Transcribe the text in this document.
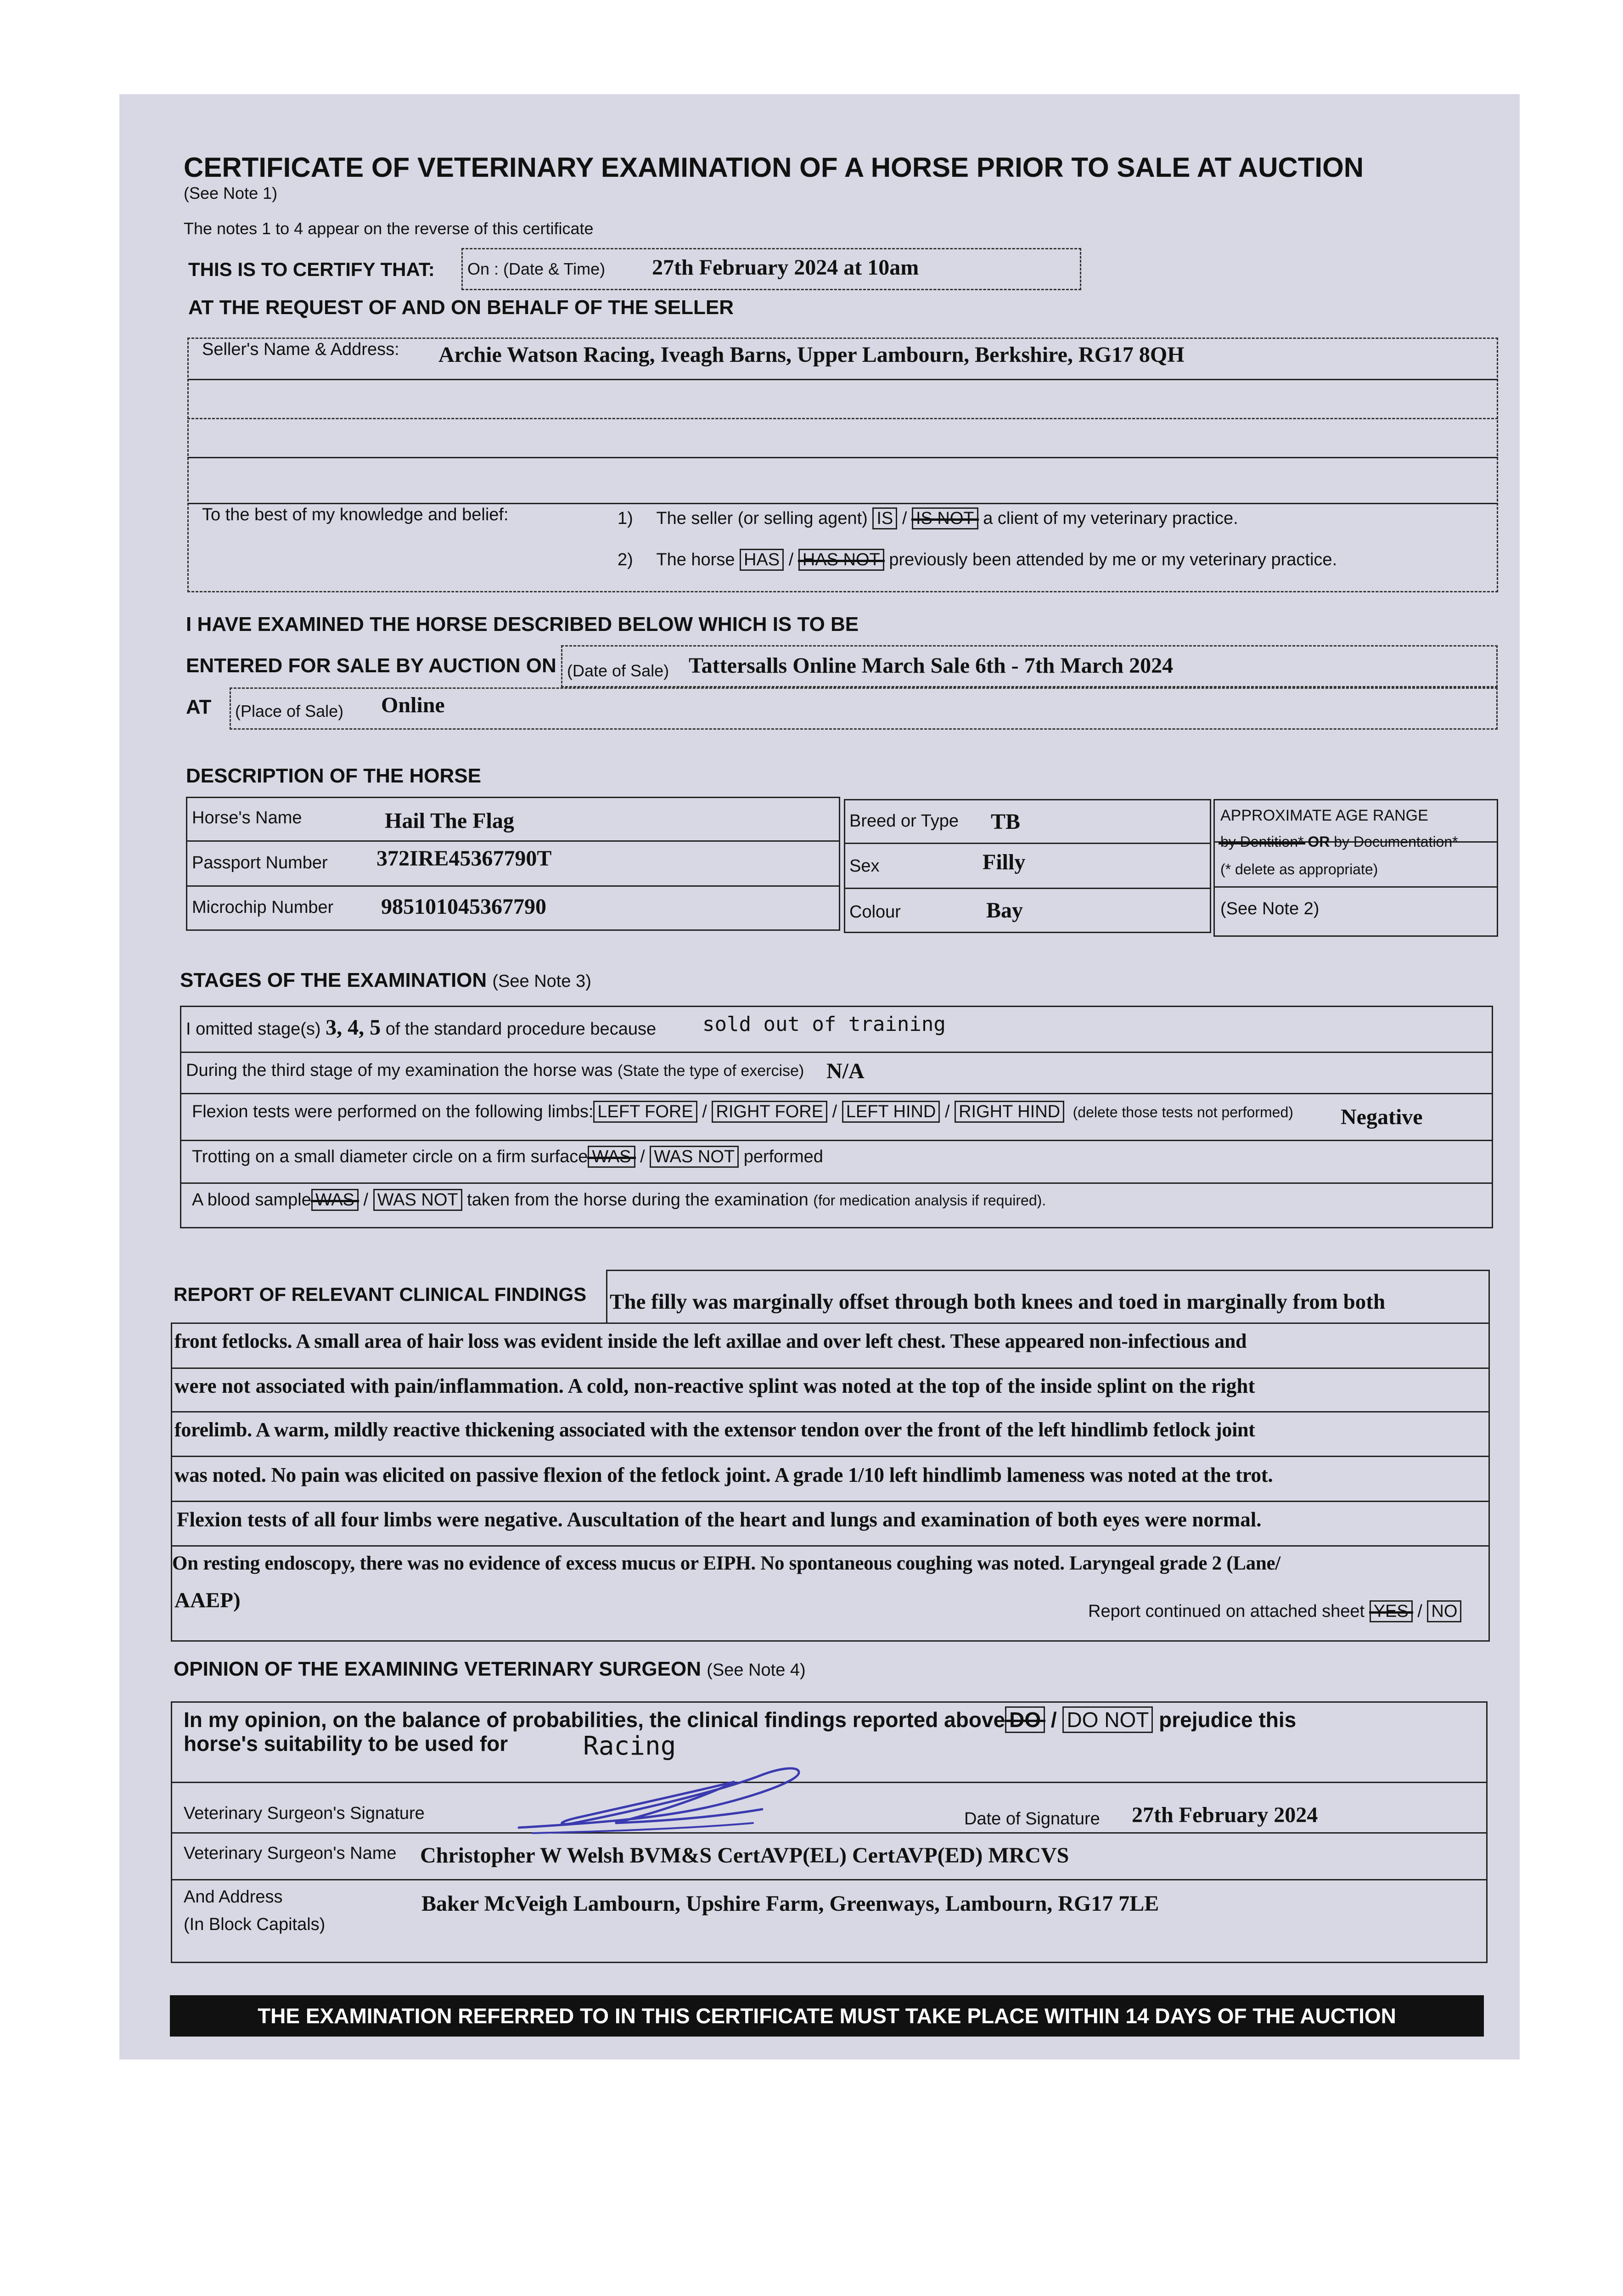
CERTIFICATE OF VETERINARY EXAMINATION OF A HORSE PRIOR TO SALE AT AUCTION
(See Note 1)
The notes 1 to 4 appear on the reverse of this certificate
THIS IS TO CERTIFY THAT: On : (Date & Time) 27th February 2024 at 10am
AT THE REQUEST OF AND ON BEHALF OF THE SELLER
Seller's Name & Address: Archie Watson Racing, Iveagh Barns, Upper Lambourn, Berkshire, RG17 8QH
To the best of my knowledge and belief:	1) The seller (or selling agent) IS / IS NOT a client of my veterinary practice.
2) The horse HAS / HAS NOT previously been attended by me or my veterinary practice.
I HAVE EXAMINED THE HORSE DESCRIBED BELOW WHICH IS TO BE
ENTERED FOR SALE BY AUCTION ON (Date of Sale) Tattersalls Online March Sale 6th - 7th March 2024
AT (Place of Sale) Online
DESCRIPTION OF THE HORSE
Horse's Name	Hail The Flag
Passport Number 372IRE45367790T
Microchip Number 985101045367790
Breed or Type TB
Sex	Filly
Colour	Bay
APPROXIMATE AGE RANGE
by Dentition* OR by Documentation*
(* delete as appropriate)
(See Note 2)
STAGES OF THE EXAMINATION (See Note 3)
I omitted stage(s) 3, 4, 5 of the standard procedure because sold out of training
During the third stage of my examination the horse was (State the type of exercise) N/A
Flexion tests were performed on the following limbs: LEFT FORE / RIGHT FORE / LEFT HIND / RIGHT HIND (delete those tests not performed) Negative
Trotting on a small diameter circle on a firm surface WAS / WAS NOT performed
A blood sample WAS / WAS NOT taken from the horse during the examination (for medication analysis if required).
REPORT OF RELEVANT CLINICAL FINDINGS The filly was marginally offset through both knees and toed in marginally from both
front fetlocks. A small area of hair loss was evident inside the left axillae and over left chest. These appeared non-infectious and
were not associated with pain/inflammation. A cold, non-reactive splint was noted at the top of the inside splint on the right
forelimb. A warm, mildly reactive thickening associated with the extensor tendon over the front of the left hindlimb fetlock joint
was noted. No pain was elicited on passive flexion of the fetlock joint. A grade 1/10 left hindlimb lameness was noted at the trot.
Flexion tests of all four limbs were negative. Auscultation of the heart and lungs and examination of both eyes were normal.
On resting endoscopy, there was no evidence of excess mucus or EIPH. No spontaneous coughing was noted. Laryngeal grade 2 (Lane/
AAEP)	Report continued on attached sheet YES / NO
OPINION OF THE EXAMINING VETERINARY SURGEON (See Note 4)
In my opinion, on the balance of probabilities, the clinical findings reported above DO / DO NOT prejudice this
horse's suitability to be used for	Racing
Veterinary Surgeon's Signature	Date of Signature 27th February 2024
Veterinary Surgeon's Name Christopher W Welsh BVM&S CertAVP(EL) CertAVP(ED) MRCVS
And Address
(In Block Capitals)
Baker McVeigh Lambourn, Upshire Farm, Greenways, Lambourn, RG17 7LE
THE EXAMINATION REFERRED TO IN THIS CERTIFICATE MUST TAKE PLACE WITHIN 14 DAYS OF THE AUCTION
